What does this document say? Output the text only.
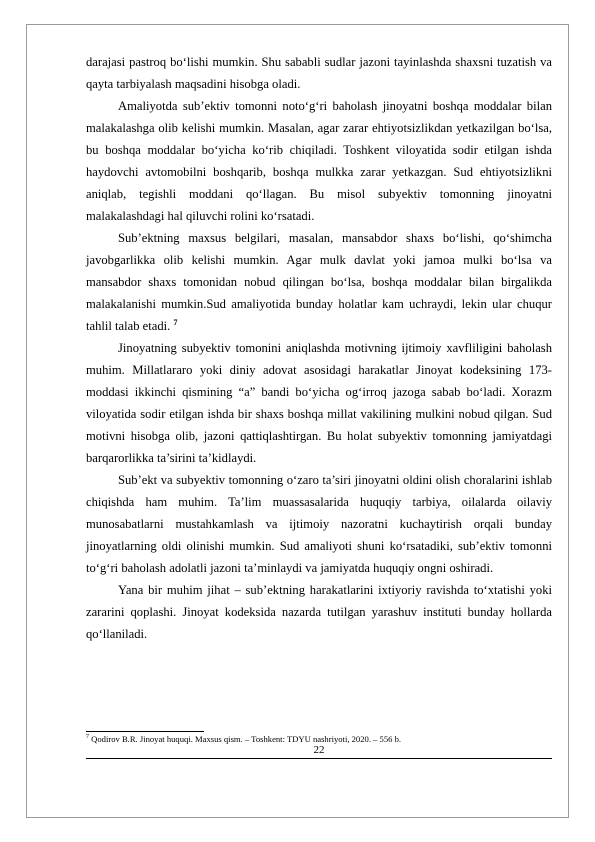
darajasi pastroq bo‘lishi mumkin. Shu sababli sudlar jazoni tayinlashda shaxsni tuzatish va qayta tarbiyalash maqsadini hisobga oladi.

Amaliyotda sub’ektiv tomonni noto‘g‘ri baholash jinoyatni boshqa moddalar bilan malakalashga olib kelishi mumkin. Masalan, agar zarar ehtiyotsizlikdan yetkazilgan bo‘lsa, bu boshqa moddalar bo‘yicha ko‘rib chiqiladi. Toshkent viloyatida sodir etilgan ishda haydovchi avtomobilni boshqarib, boshqa mulkka zarar yetkazgan. Sud ehtiyotsizlikni aniqlab, tegishli moddani qo‘llagan. Bu misol subyektiv tomonning jinoyatni malakalashdagi hal qiluvchi rolini ko‘rsatadi.

Sub’ektning maxsus belgilari, masalan, mansabdor shaxs bo‘lishi, qo‘shimcha javobgarlikka olib kelishi mumkin. Agar mulk davlat yoki jamoa mulki bo‘lsa va mansabdor shaxs tomonidan nobud qilingan bo‘lsa, boshqa moddalar bilan birgalikda malakalanishi mumkin.Sud amaliyotida bunday holatlar kam uchraydi, lekin ular chuqur tahlil talab etadi. $^7$

Jinoyatning subyektiv tomonini aniqlashda motivning ijtimoiy xavfliligini baholash muhim. Millatlararo yoki diniy adovat asosidagi harakatlar Jinoyat kodeksining 173-moddasi ikkinchi qismining “a” bandi bo‘yicha og‘irroq jazoga sabab bo‘ladi. Xorazm viloyatida sodir etilgan ishda bir shaxs boshqa millat vakilining mulkini nobud qilgan. Sud motivni hisobga olib, jazoni qattiqlashtirgan. Bu holat subyektiv tomonning jamiyatdagi barqarorlikka ta’sirini ta’kidlaydi.

Sub’ekt va subyektiv tomonning o‘zaro ta’siri jinoyatni oldini olish choralarini ishlab chiqishda ham muhim. Ta’lim muassasalarida huquqiy tarbiya, oilalarda oilaviy munosabatlarni mustahkamlash va ijtimoiy nazoratni kuchaytirish orqali bunday jinoyatlarning oldi olinishi mumkin. Sud amaliyoti shuni ko‘rsatadiki, sub’ektiv tomonni to‘g‘ri baholash adolatli jazoni ta’minlaydi va jamiyatda huquqiy ongni oshiradi.

Yana bir muhim jihat – sub’ektning harakatlarini ixtiyoriy ravishda to‘xtatishi yoki zararini qoplashi. Jinoyat kodeksida nazarda tutilgan yarashuv instituti bunday hollarda qo‘llaniladi.

$^7$ Qodirov B.R. Jinoyat huquqi. Maxsus qism. – Toshkent: TDYU nashriyoti, 2020. – 556 b.
22
